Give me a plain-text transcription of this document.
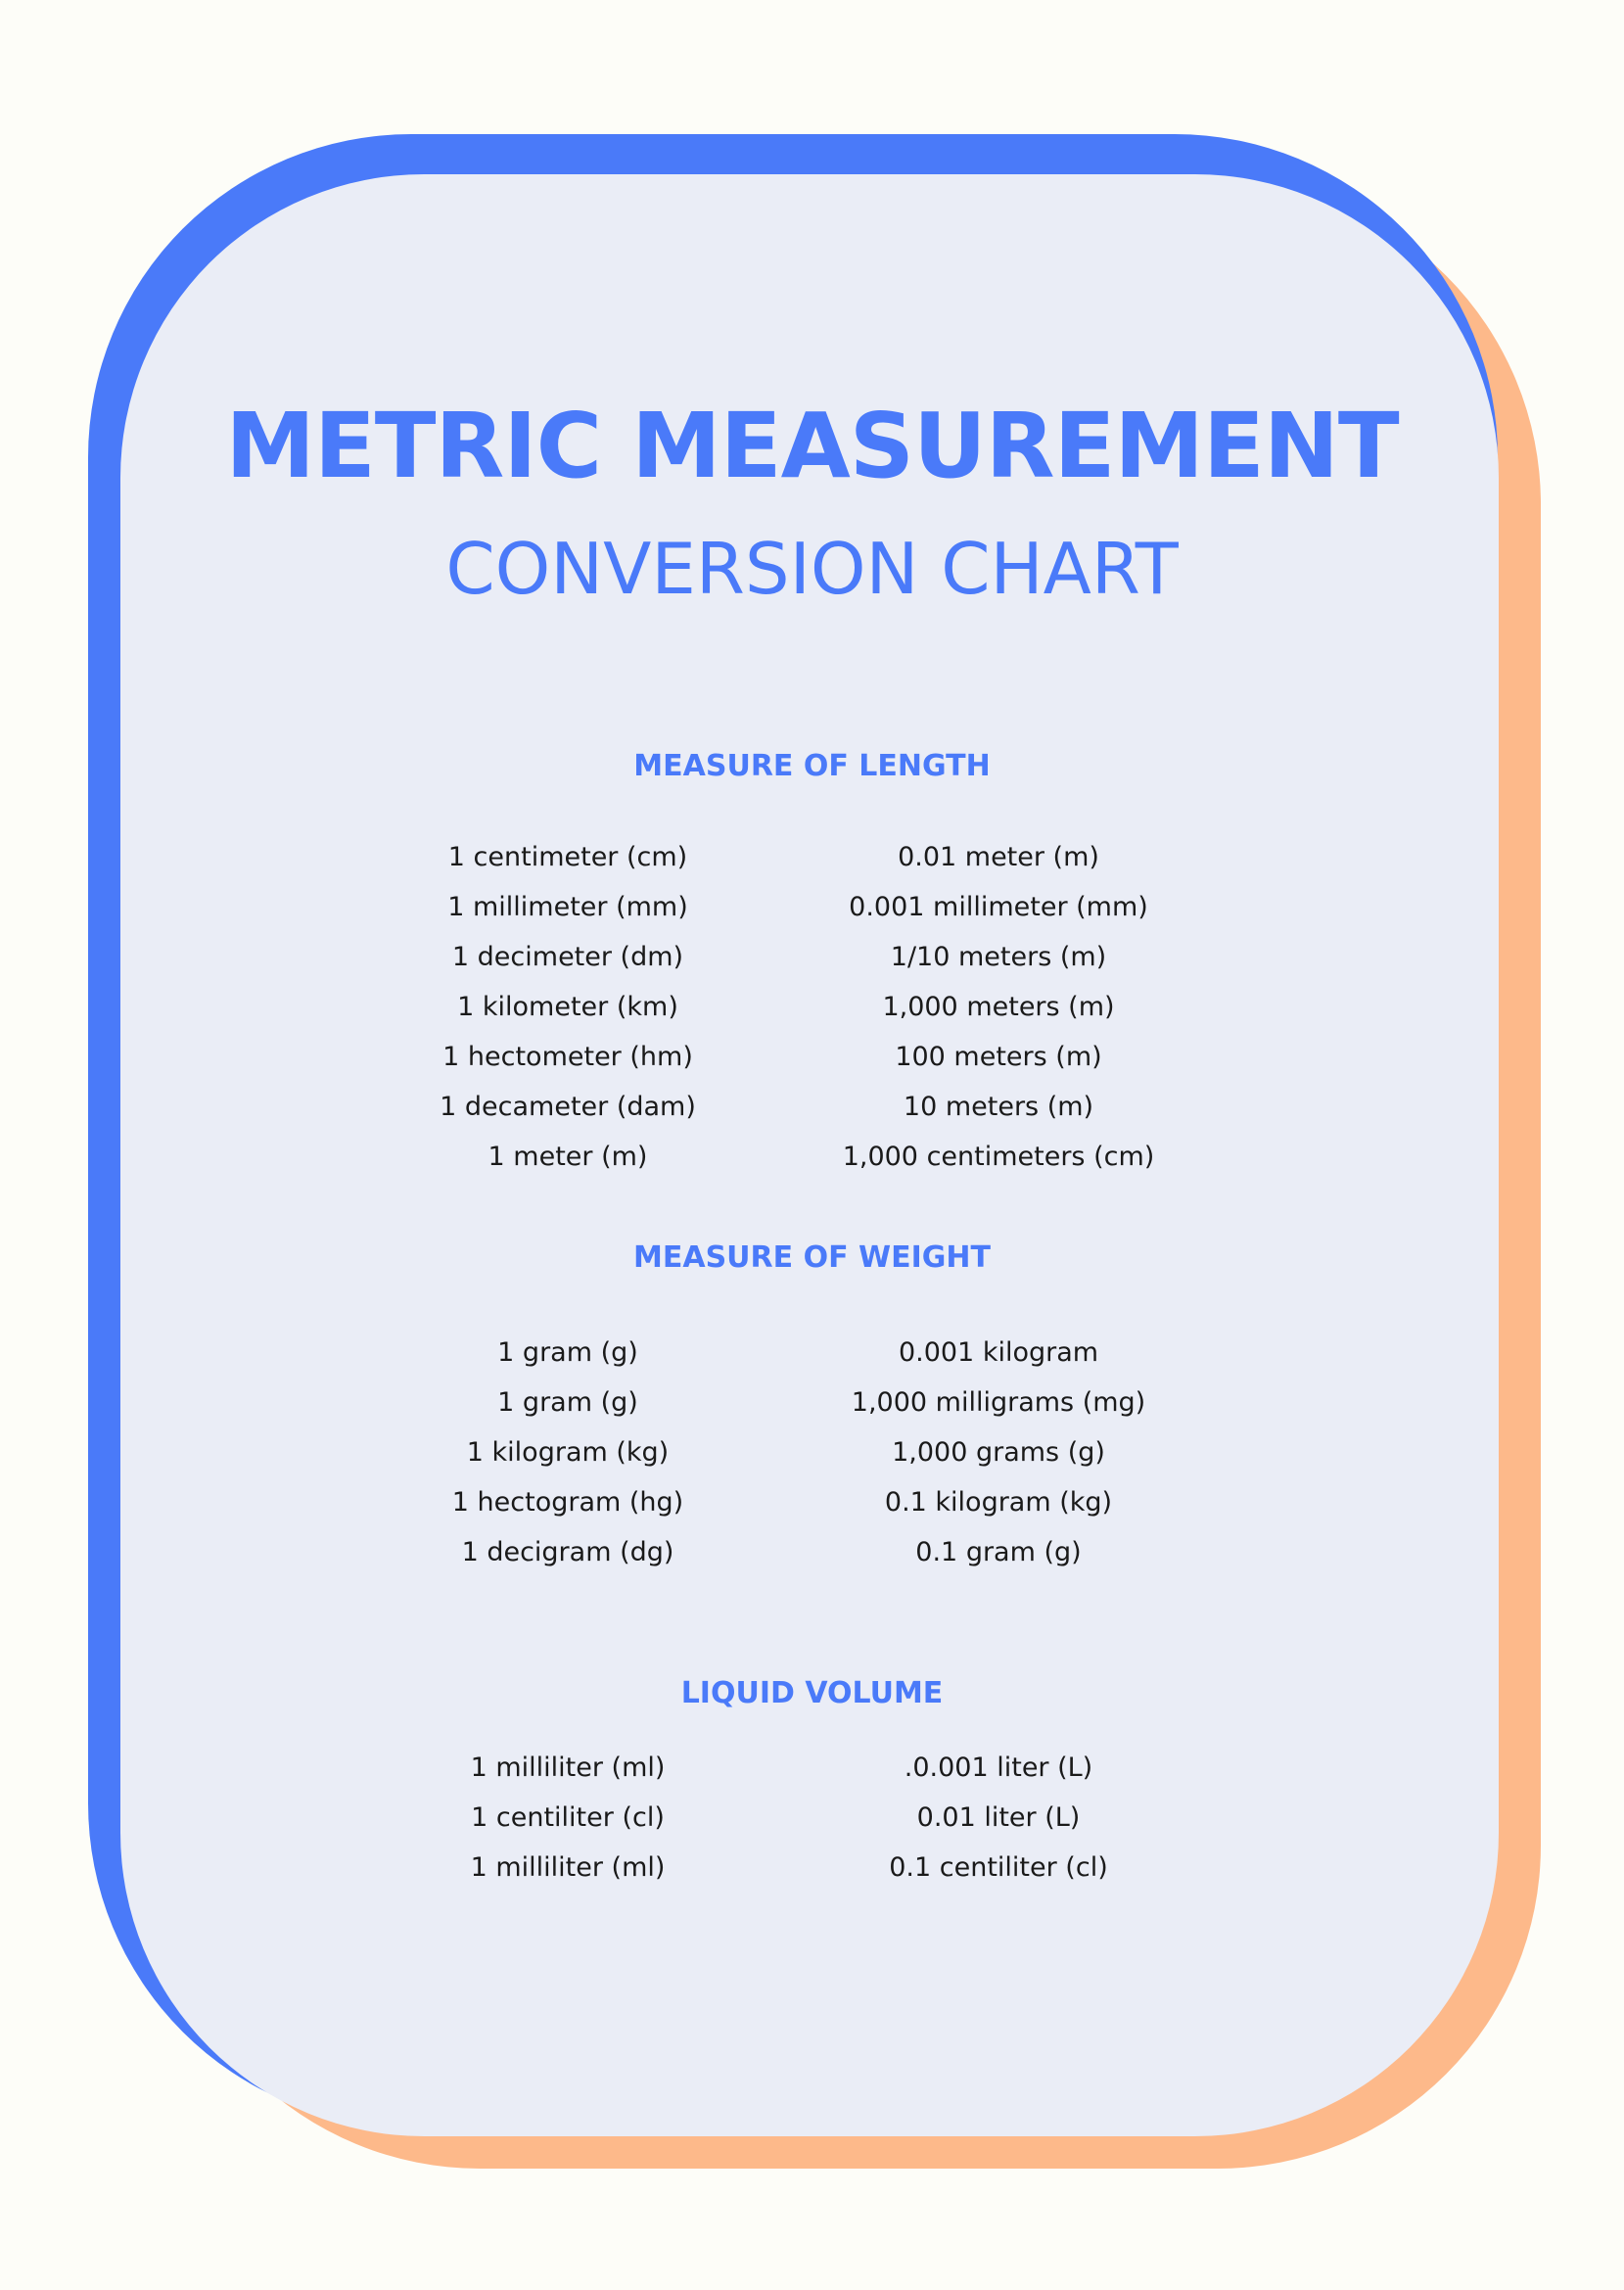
METRIC MEASUREMENT
CONVERSION CHART
MEASURE OF LENGTH
1 centimeter (cm)	0.01 meter (m)
1 millimeter (mm)	0.001 millimeter (mm)
1 decimeter (dm)	1/10 meters (m)
1 kilometer (km)	1,000 meters (m)
1 hectometer (hm)	100 meters (m)
1 decameter (dam)	10 meters (m)
1 meter (m)	1,000 centimeters (cm)
MEASURE OF WEIGHT
1 gram (g)	0.001 kilogram
1 gram (g)	1,000 milligrams (mg)
1 kilogram (kg)	1,000 grams (g)
1 hectogram (hg)	0.1 kilogram (kg)
1 decigram (dg)	0.1 gram (g)
LIQUID VOLUME
1 milliliter (ml)	.0.001 liter (L)
1 centiliter (cl)	0.01 liter (L)
1 milliliter (ml)	0.1 centiliter (cl)
